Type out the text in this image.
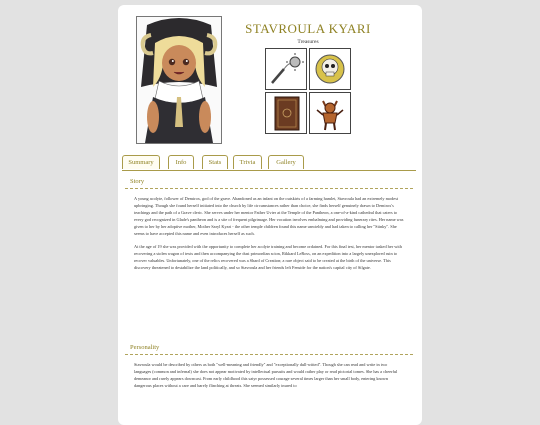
STAVROULA KYARI
Treasures
Summary	Info	Stats	Trivia	Gallery
Story

A young acolyte, follower of Demirox, god of the grave. Abandoned as an infant on the outskirts of a farming hamlet, Stavroula had an extremely modest upbringing. Though she found herself initiated into the church by life circumstances rather than choice, she finds herself genuinely drawn to Demirox's teachings and the path of a Grave cleric. She serves under her mentor Father Uvier at the Temple of the Pantheon, a one-of-a-kind cathedral that caters to every god recognized in Glade's pantheon and is a site of frequent pilgrimage. Her vocation involves embalming and providing funerary rites. Her name was given to her by her adoptive mother, Mother Saryl Kyari - the other temple children found this name unwieldy and had taken to calling her "Stinky". She seems to have accepted this name and even introduces herself as such.

At the age of 19 she was provided with the opportunity to complete her acolyte training and become ordained. For this final test, her mentor tasked her with recovering a stolen wagon of texts and then accompanying the dust primordian scion, Rikkard LeRoss, on an expedition into a largely unexplored ruin to recover valuables. Unfortunately, one of the relics recovered was a Shard of Creation; a rare object said to be created at the birth of the universe. This discovery threatened to destabilize the land politically, and so Stavroula and her friends left Fenside for the nation's capital city of Silgate.

Personality

Stavroula would be described by others as both "well-meaning and friendly" and "exceptionally dull-witted". Though she can read and write in two languages (common and infernal) she does not appear motivated by intellectual pursuits and would rather play or read pictorial tomes. She has a cheerful demeanor and rarely appears downcast. From early childhood this satyr possessed courage several times larger than her small body, entering known dangerous places without a care and barely flinching at threats. She seemed similarly inured to
